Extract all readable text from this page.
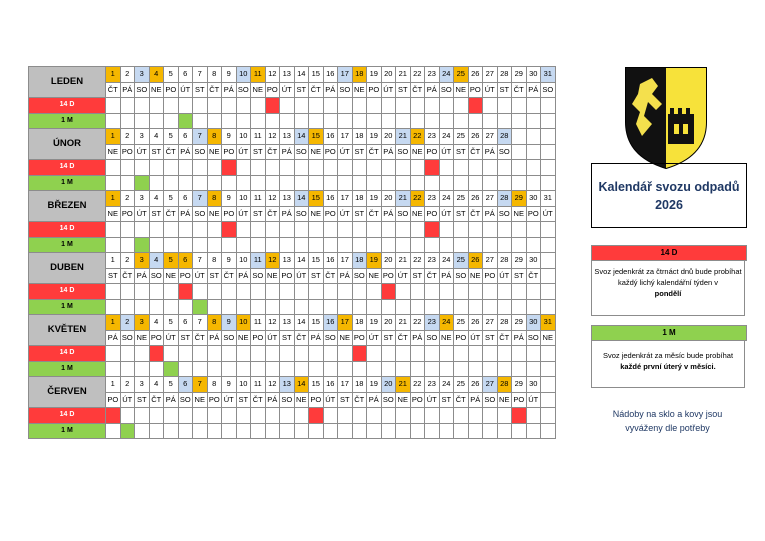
LEDEN	1	2	3	4	5	6	7	8	9	10	11	12	13	14	15	16	17	18	19	20	21	22	23	24	25	26	27	28	29	30	31
	ČT	PÁ	SO	NE	PO	ÚT	ST	ČT	PÁ	SO	NE	PO	ÚT	ST	ČT	PÁ	SO	NE	PO	ÚT	ST	ČT	PÁ	SO	NE	PO	ÚT	ST	ČT	PÁ	SO
14 D																															
1 M																															
ÚNOR	1	2	3	4	5	6	7	8	9	10	11	12	13	14	15	16	17	18	19	20	21	22	23	24	25	26	27	28			
	NE	PO	ÚT	ST	ČT	PÁ	SO	NE	PO	ÚT	ST	ČT	PÁ	SO	NE	PO	ÚT	ST	ČT	PÁ	SO	NE	PO	ÚT	ST	ČT	PÁ	SO			
14 D																															
1 M																															
BŘEZEN	1	2	3	4	5	6	7	8	9	10	11	12	13	14	15	16	17	18	19	20	21	22	23	24	25	26	27	28	29	30	31
	NE	PO	ÚT	ST	ČT	PÁ	SO	NE	PO	ÚT	ST	ČT	PÁ	SO	NE	PO	ÚT	ST	ČT	PÁ	SO	NE	PO	ÚT	ST	ČT	PÁ	SO	NE	PO	ÚT
14 D																															
1 M																															
DUBEN	1	2	3	4	5	6	7	8	9	10	11	12	13	14	15	16	17	18	19	20	21	22	23	24	25	26	27	28	29	30	
	ST	ČT	PÁ	SO	NE	PO	ÚT	ST	ČT	PÁ	SO	NE	PO	ÚT	ST	ČT	PÁ	SO	NE	PO	ÚT	ST	ČT	PÁ	SO	NE	PO	ÚT	ST	ČT	
14 D																															
1 M																															
KVĚTEN	1	2	3	4	5	6	7	8	9	10	11	12	13	14	15	16	17	18	19	20	21	22	23	24	25	26	27	28	29	30	31
	PÁ	SO	NE	PO	ÚT	ST	ČT	PÁ	SO	NE	PO	ÚT	ST	ČT	PÁ	SO	NE	PO	ÚT	ST	ČT	PÁ	SO	NE	PO	ÚT	ST	ČT	PÁ	SO	NE
14 D																															
1 M																															
ČERVEN	1	2	3	4	5	6	7	8	9	10	11	12	13	14	15	16	17	18	19	20	21	22	23	24	25	26	27	28	29	30	
	PO	ÚT	ST	ČT	PÁ	SO	NE	PO	ÚT	ST	ČT	PÁ	SO	NE	PO	ÚT	ST	ČT	PÁ	SO	NE	PO	ÚT	ST	ČT	PÁ	SO	NE	PO	ÚT	
14 D																															
1 M																															
Kalendář svozu odpadů 2026
14 D
Svoz jedenkrát za čtrnáct dnů bude probíhat každý lichý kalendářní týden v
pondělí
1 M
Svoz jedenkrát za měsíc bude probíhat
každé první úterý v měsíci.
Nádoby na sklo a kovy jsou vyváženy dle potřeby
